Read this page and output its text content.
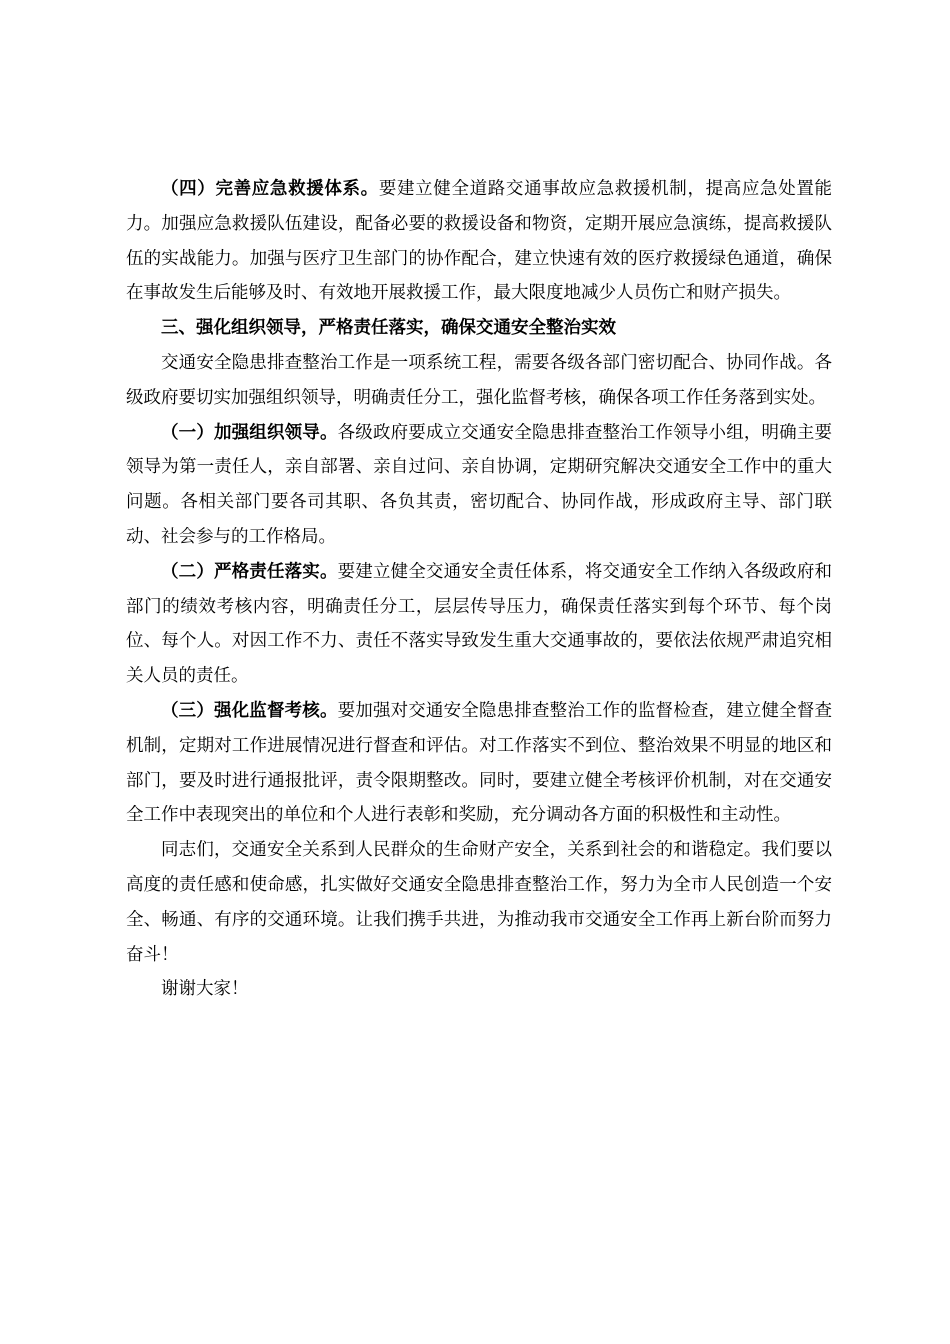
（四）完善应急救援体系。要建立健全道路交通事故应急救援机制，提高应急处置能力。加强应急救援队伍建设，配备必要的救援设备和物资，定期开展应急演练，提高救援队伍的实战能力。加强与医疗卫生部门的协作配合，建立快速有效的医疗救援绿色通道，确保在事故发生后能够及时、有效地开展救援工作，最大限度地减少人员伤亡和财产损失。

三、强化组织领导，严格责任落实，确保交通安全整治实效

交通安全隐患排查整治工作是一项系统工程，需要各级各部门密切配合、协同作战。各级政府要切实加强组织领导，明确责任分工，强化监督考核，确保各项工作任务落到实处。

（一）加强组织领导。各级政府要成立交通安全隐患排查整治工作领导小组，明确主要领导为第一责任人，亲自部署、亲自过问、亲自协调，定期研究解决交通安全工作中的重大问题。各相关部门要各司其职、各负其责，密切配合、协同作战，形成政府主导、部门联动、社会参与的工作格局。

（二）严格责任落实。要建立健全交通安全责任体系，将交通安全工作纳入各级政府和部门的绩效考核内容，明确责任分工，层层传导压力，确保责任落实到每个环节、每个岗位、每个人。对因工作不力、责任不落实导致发生重大交通事故的，要依法依规严肃追究相关人员的责任。

（三）强化监督考核。要加强对交通安全隐患排查整治工作的监督检查，建立健全督查机制，定期对工作进展情况进行督查和评估。对工作落实不到位、整治效果不明显的地区和部门，要及时进行通报批评，责令限期整改。同时，要建立健全考核评价机制，对在交通安全工作中表现突出的单位和个人进行表彰和奖励，充分调动各方面的积极性和主动性。

同志们，交通安全关系到人民群众的生命财产安全，关系到社会的和谐稳定。我们要以高度的责任感和使命感，扎实做好交通安全隐患排查整治工作，努力为全市人民创造一个安全、畅通、有序的交通环境。让我们携手共进，为推动我市交通安全工作再上新台阶而努力奋斗！

谢谢大家！
